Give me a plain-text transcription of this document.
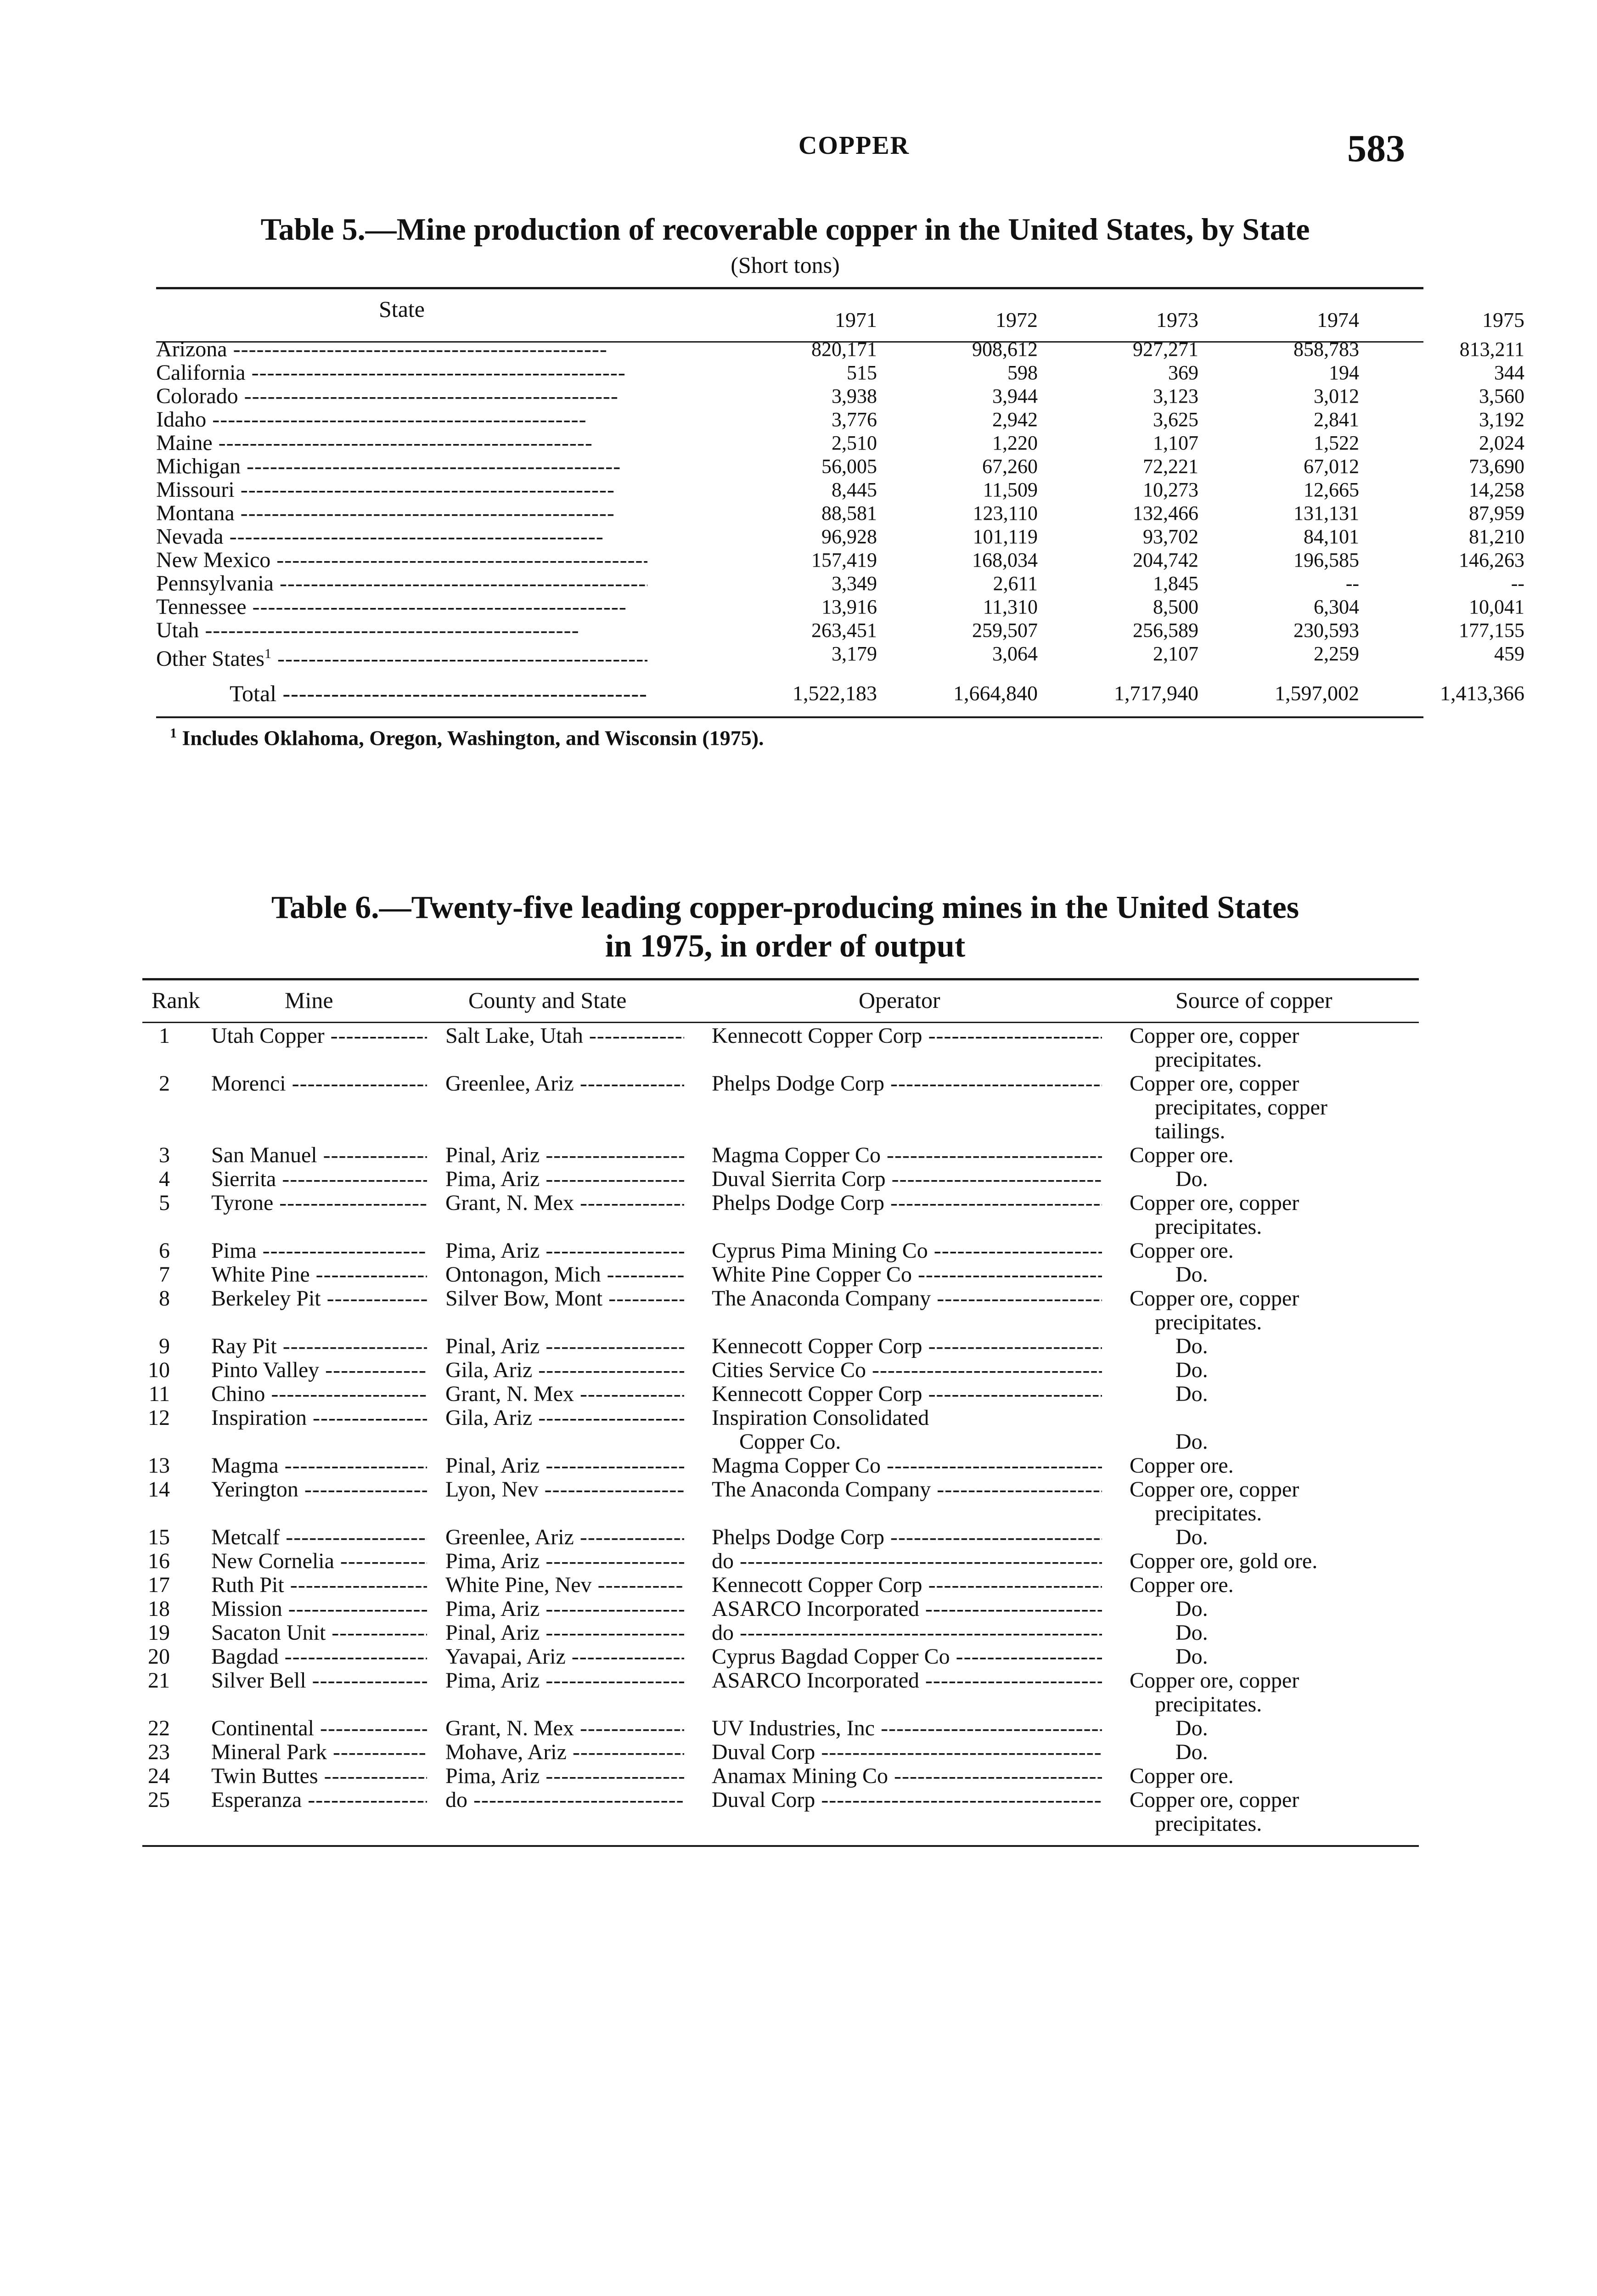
COPPER	583
Table 5.—Mine production of recoverable copper in the United States, by State
(Short tons)
State	1971	1972	1973	1974	1975
Arizona -----	820,171	908,612	927,271	858,783	813,211
California -----	515	598	369	194	344
Colorado -----	3,938	3,944	3,123	3,012	3,560
Idaho -----	3,776	2,942	3,625	2,841	3,192
Maine -----	2,510	1,220	1,107	1,522	2,024
Michigan -----	56,005	67,260	72,221	67,012	73,690
Missouri -----	8,445	11,509	10,273	12,665	14,258
Montana -----	88,581	123,110	132,466	131,131	87,959
Nevada -----	96,928	101,119	93,702	84,101	81,210
New Mexico -----	157,419	168,034	204,742	196,585	146,263
Pennsylvania -----	3,349	2,611	1,845	--	--
Tennessee -----	13,916	11,310	8,500	6,304	10,041
Utah -----	263,451	259,507	256,589	230,593	177,155
Other States$^1$ -----	3,179	3,064	2,107	2,259	459
Total -----	1,522,183	1,664,840	1,717,940	1,597,002	1,413,366
$^1$ Includes Oklahoma, Oregon, Washington, and Wisconsin (1975).
Table 6.—Twenty-five leading copper-producing mines in the United States
in 1975, in order of output
Rank	Mine	County and State	Operator	Source of copper
1 Utah Copper -----	Salt Lake, Utah -----	Kennecott Copper Corp -----	Copper ore, copper
precipitates.
2 Morenci -----	Greenlee, Ariz -----	Phelps Dodge Corp -----	Copper ore, copper
precipitates, copper
tailings.
3 San Manuel -----	Pinal, Ariz -----	Magma Copper Co -----	Copper ore.
4 Sierrita -----	Pima, Ariz -----	Duval Sierrita Corp -----	Do.
5 Tyrone -----	Grant, N. Mex -----	Phelps Dodge Corp -----	Copper ore, copper
precipitates.
6 Pima -----	Pima, Ariz -----	Cyprus Pima Mining Co -----	Copper ore.
7 White Pine -----	Ontonagon, Mich -----	White Pine Copper Co -----	Do.
8 Berkeley Pit -----	Silver Bow, Mont -----	The Anaconda Company -----	Copper ore, copper
precipitates.
9 Ray Pit -----	Pinal, Ariz -----	Kennecott Copper Corp -----	Do.
10 Pinto Valley -----	Gila, Ariz -----	Cities Service Co -----	Do.
11 Chino -----	Grant, N. Mex -----	Kennecott Copper Corp -----	Do.
12 Inspiration -----	Gila, Ariz -----	Inspiration Consolidated
Copper Co.
	Do.
13 Magma -----	Pinal, Ariz -----	Magma Copper Co -----	Copper ore.
14 Yerington -----	Lyon, Nev -----	The Anaconda Company -----	Copper ore, copper
precipitates.
15 Metcalf -----	Greenlee, Ariz -----	Phelps Dodge Corp -----	Do.
16 New Cornelia -----	Pima, Ariz -----	do -----	Copper ore, gold ore.
17 Ruth Pit -----	White Pine, Nev -----	Kennecott Copper Corp -----	Copper ore.
18 Mission -----	Pima, Ariz -----	ASARCO Incorporated -----	Do.
19 Sacaton Unit -----	Pinal, Ariz -----	do -----	Do.
20 Bagdad -----	Yavapai, Ariz -----	Cyprus Bagdad Copper Co -----	Do.
21 Silver Bell -----	Pima, Ariz -----	ASARCO Incorporated -----	Copper ore, copper
precipitates.
22 Continental -----	Grant, N. Mex -----	UV Industries, Inc -----	Do.
23 Mineral Park -----	Mohave, Ariz -----	Duval Corp -----	Do.
24 Twin Buttes -----	Pima, Ariz -----	Anamax Mining Co -----	Copper ore.
25 Esperanza -----	do -----	Duval Corp -----	Copper ore, copper
precipitates.
